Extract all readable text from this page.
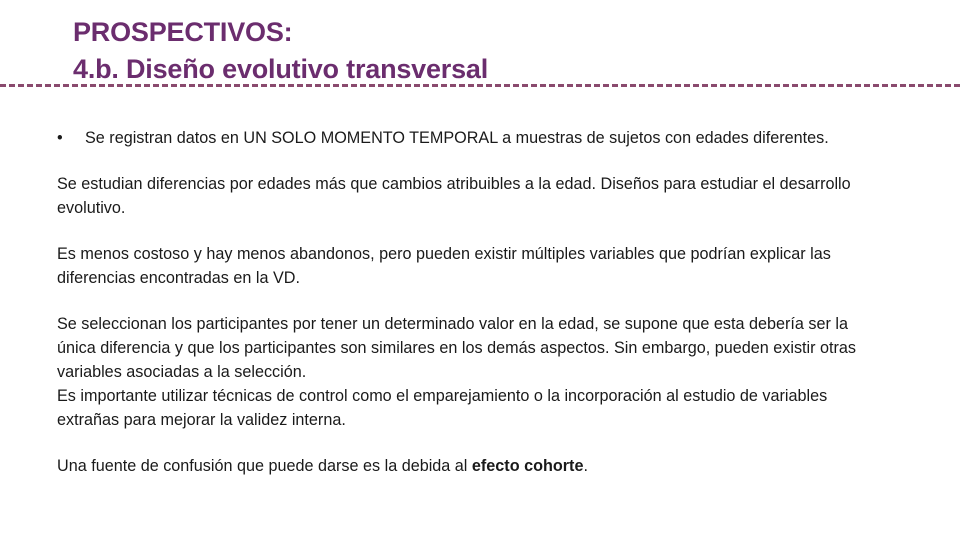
PROSPECTIVOS:
4.b. Diseño evolutivo transversal
•	Se registran datos en UN SOLO MOMENTO TEMPORAL a muestras de sujetos con edades diferentes.

Se estudian diferencias por edades más que cambios atribuibles a la edad. Diseños para estudiar el desarrollo evolutivo.

Es menos costoso y hay menos abandonos, pero pueden existir múltiples variables que podrían explicar las diferencias encontradas en la VD.

Se seleccionan los participantes por tener un determinado valor en la edad, se supone que esta debería ser la única diferencia y que los participantes son similares en los demás aspectos. Sin embargo, pueden existir otras variables asociadas a la selección.

Es importante utilizar técnicas de control como el emparejamiento o la incorporación al estudio de variables extrañas para mejorar la validez interna.

Una fuente de confusión que puede darse es la debida al efecto cohorte.
